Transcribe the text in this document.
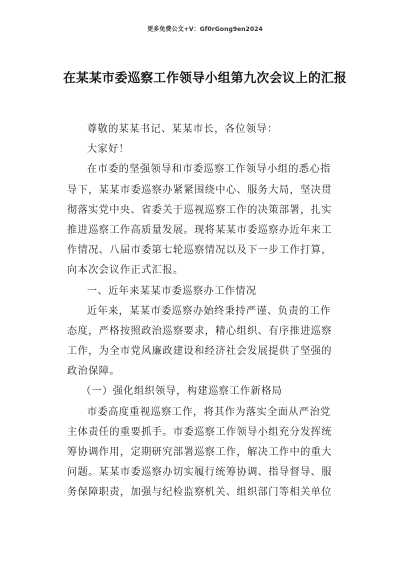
更多免费公文+V：Gf0rGong9en2024
在某某市委巡察工作领导小组第九次会议上的汇报
尊敬的某某书记、某某市长，各位领导：
大家好！
在市委的坚强领导和市委巡察工作领导小组的悉心指
导下，某某市委巡察办紧紧围绕中心、服务大局，坚决贯
彻落实党中央、省委关于巡视巡察工作的决策部署，扎实
推进巡察工作高质量发展。现将某某市委巡察办近年来工
作情况、八届市委第七轮巡察情况以及下一步工作打算，
向本次会议作正式汇报。
一、近年来某某市委巡察办工作情况
近年来，某某市委巡察办始终秉持严谨、负责的工作
态度，严格按照政治巡察要求，精心组织、有序推进巡察
工作，为全市党风廉政建设和经济社会发展提供了坚强的
政治保障。
（一）强化组织领导，构建巡察工作新格局
市委高度重视巡察工作，将其作为落实全面从严治党
主体责任的重要抓手。市委巡察工作领导小组充分发挥统
筹协调作用，定期研究部署巡察工作，解决工作中的重大
问题。某某市委巡察办切实履行统筹协调、指导督导、服
务保障职责，加强与纪检监察机关、组织部门等相关单位
